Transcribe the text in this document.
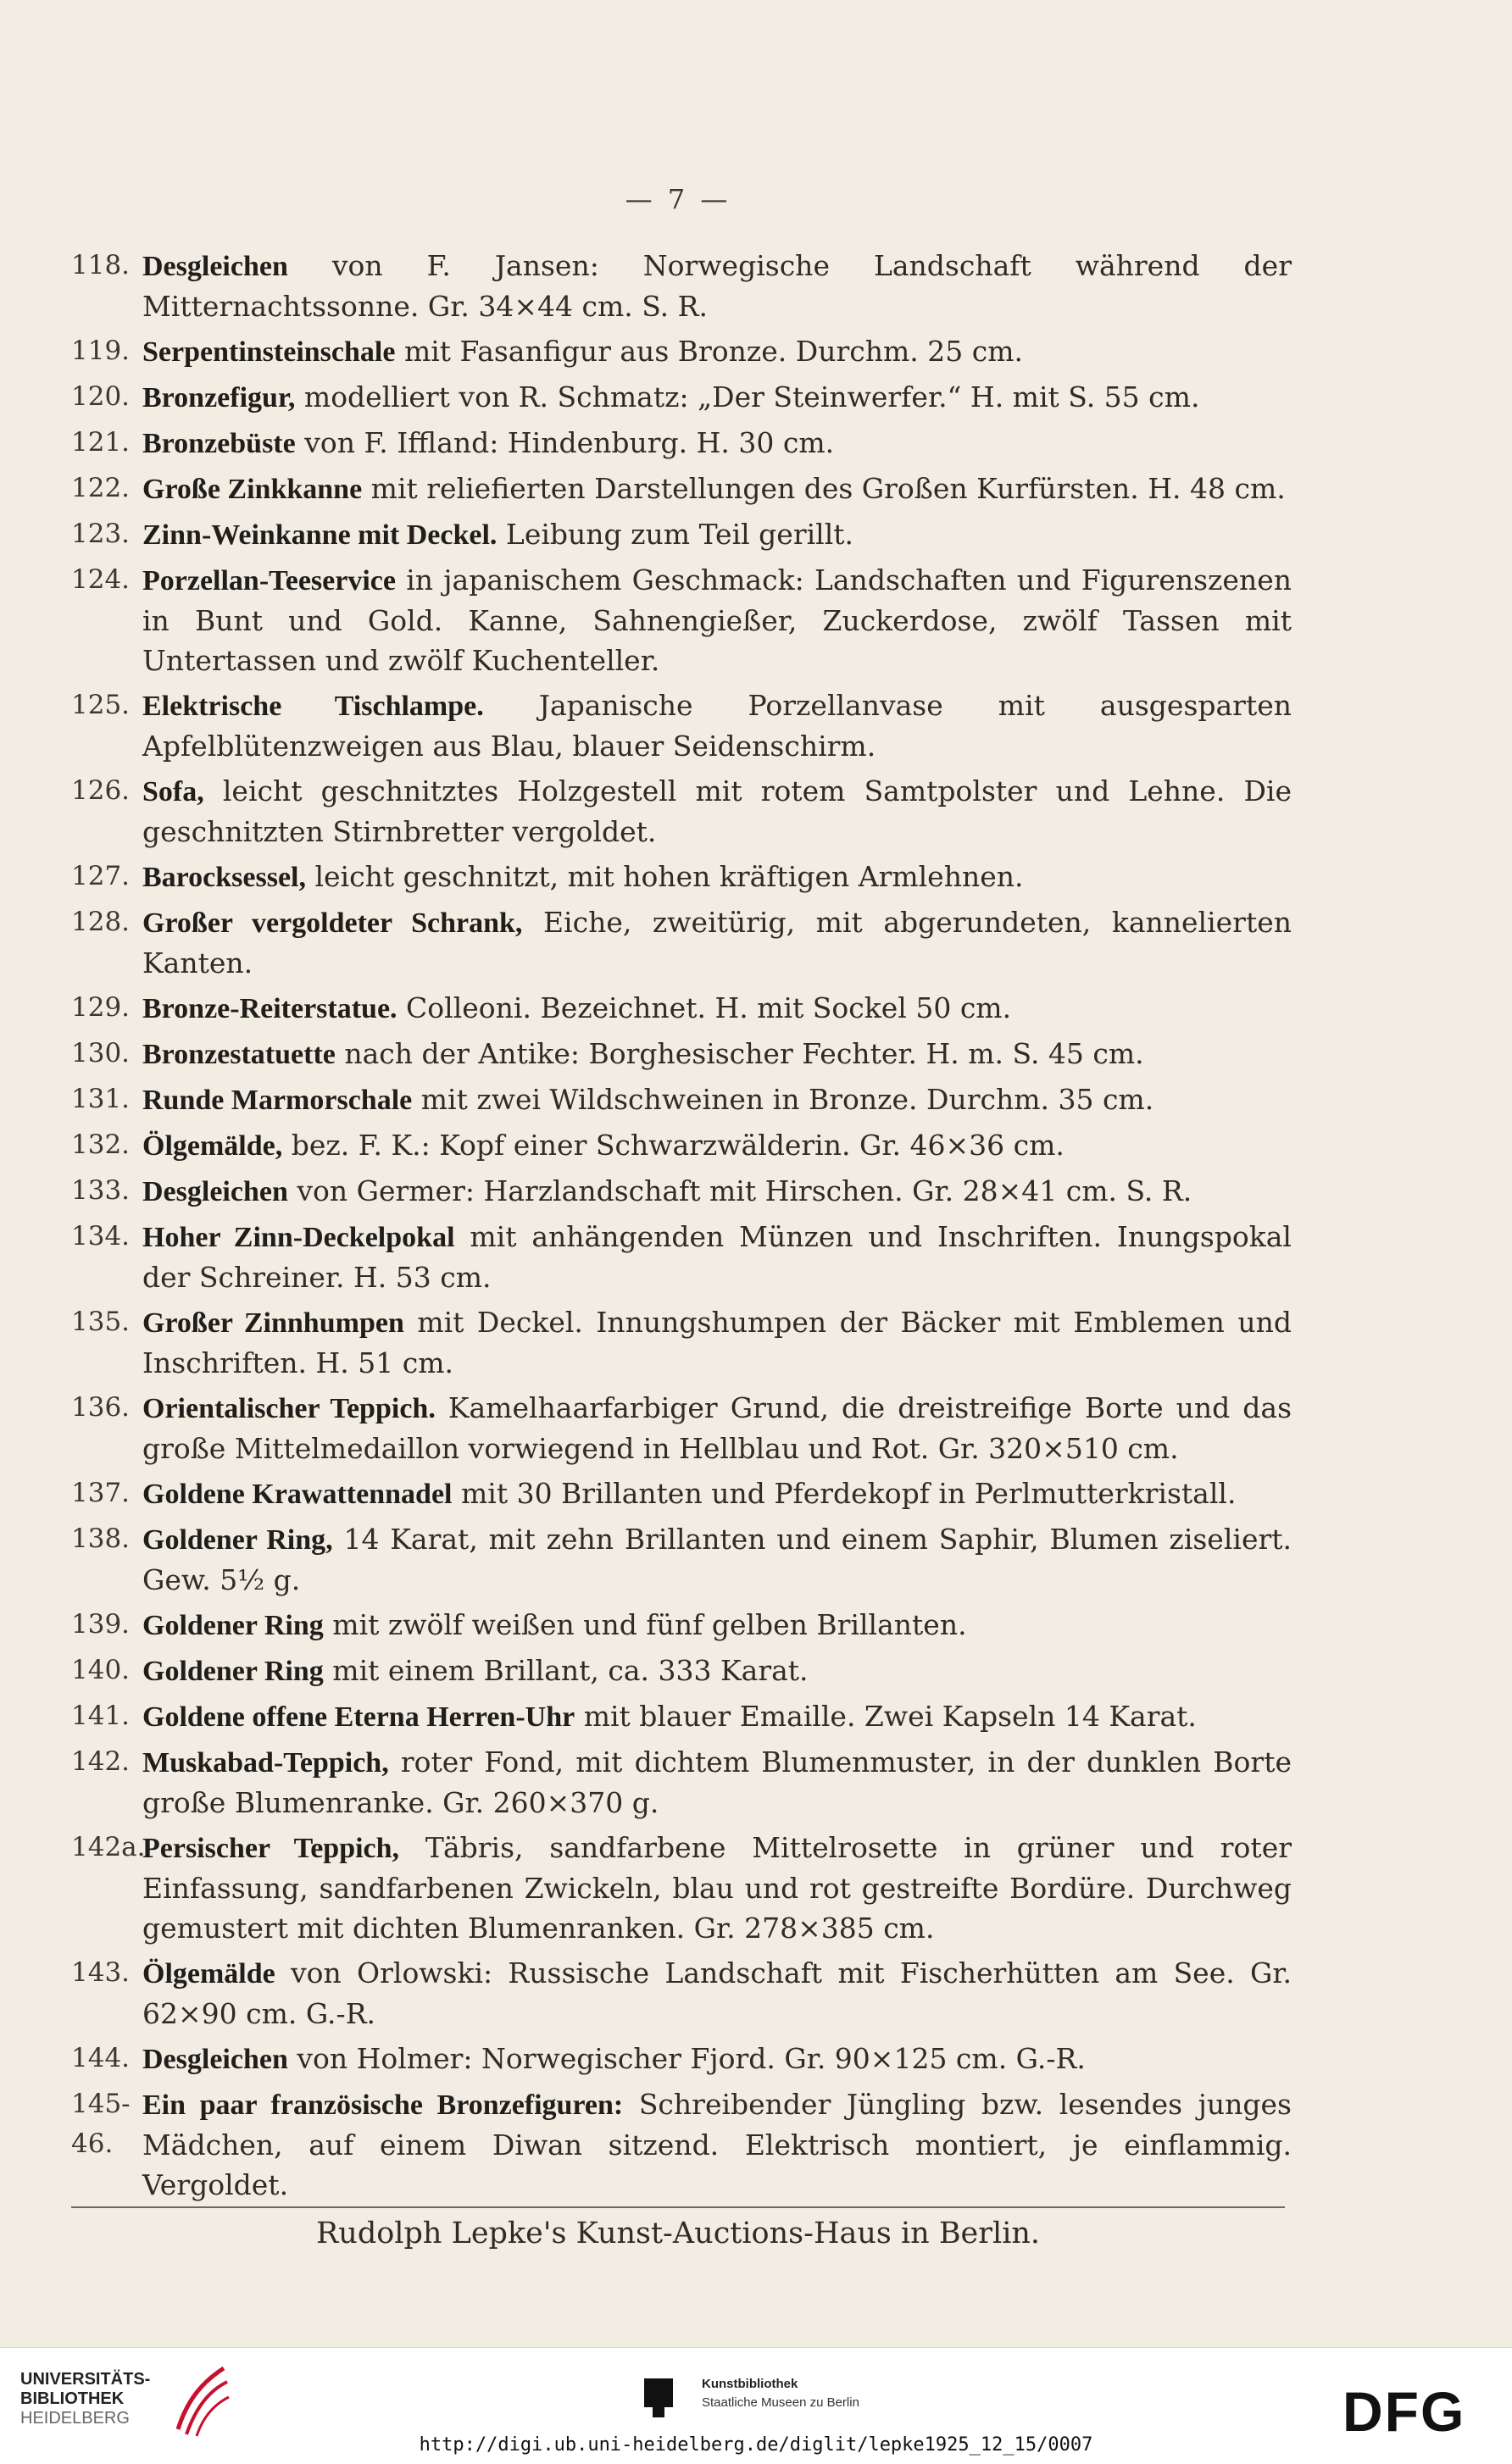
— 7 —
118. Desgleichen von F. Jansen: Norwegische Landschaft während der Mitternachtssonne. Gr. 34×44 cm. S. R.
119. Serpentinsteinschale mit Fasanfigur aus Bronze. Durchm. 25 cm.
120. Bronzefigur, modelliert von R. Schmatz: „Der Steinwerfer.“ H. mit S. 55 cm.
121. Bronzebüste von F. Iffland: Hindenburg. H. 30 cm.
122. Große Zinkkanne mit reliefierten Darstellungen des Großen Kurfürsten. H. 48 cm.
123. Zinn-Weinkanne mit Deckel. Leibung zum Teil gerillt.
124. Porzellan-Teeservice in japanischem Geschmack: Landschaften und Figurenszenen in Bunt und Gold. Kanne, Sahnengießer, Zuckerdose, zwölf Tassen mit Untertassen und zwölf Kuchenteller.
125. Elektrische Tischlampe. Japanische Porzellanvase mit ausgesparten Apfelblütenzweigen aus Blau, blauer Seidenschirm.
126. Sofa, leicht geschnitztes Holzgestell mit rotem Samtpolster und Lehne. Die geschnitzten Stirnbretter vergoldet.
127. Barocksessel, leicht geschnitzt, mit hohen kräftigen Armlehnen.
128. Großer vergoldeter Schrank, Eiche, zweitürig, mit abgerundeten, kannelierten Kanten.
129. Bronze-Reiterstatue. Colleoni. Bezeichnet. H. mit Sockel 50 cm.
130. Bronzestatuette nach der Antike: Borghesischer Fechter. H. m. S. 45 cm.
131. Runde Marmorschale mit zwei Wildschweinen in Bronze. Durchm. 35 cm.
132. Ölgemälde, bez. F. K.: Kopf einer Schwarzwälderin. Gr. 46×36 cm.
133. Desgleichen von Germer: Harzlandschaft mit Hirschen. Gr. 28×41 cm. S. R.
134. Hoher Zinn-Deckelpokal mit anhängenden Münzen und Inschriften. Inungspokal der Schreiner. H. 53 cm.
135. Großer Zinnhumpen mit Deckel. Innungshumpen der Bäcker mit Emblemen und Inschriften. H. 51 cm.
136. Orientalischer Teppich. Kamelhaarfarbiger Grund, die dreistreifige Borte und das große Mittelmedaillon vorwiegend in Hellblau und Rot. Gr. 320×510 cm.
137. Goldene Krawattennadel mit 30 Brillanten und Pferdekopf in Perlmutterkristall.
138. Goldener Ring, 14 Karat, mit zehn Brillanten und einem Saphir, Blumen ziseliert. Gew. 5½ g.
139. Goldener Ring mit zwölf weißen und fünf gelben Brillanten.
140. Goldener Ring mit einem Brillant, ca. 333 Karat.
141. Goldene offene Eterna Herren-Uhr mit blauer Emaille. Zwei Kapseln 14 Karat.
142. Muskabad-Teppich, roter Fond, mit dichtem Blumenmuster, in der dunklen Borte große Blumenranke. Gr. 260×370 g.
142a.
Persischer Teppich, Täbris, sandfarbene Mittelrosette in grüner und roter Einfassung, sandfarbenen Zwickeln, blau und rot gestreifte Bordüre. Durchweg gemustert mit dichten Blumenranken. Gr. 278×385 cm.
143. Ölgemälde von Orlowski: Russische Landschaft mit Fischerhütten am See. Gr. 62×90 cm. G.-R.
144. Desgleichen von Holmer: Norwegischer Fjord. Gr. 90×125 cm. G.-R.
145-46.
Ein paar französische Bronzefiguren: Schreibender Jüngling bzw. lesendes junges Mädchen, auf einem Diwan sitzend. Elektrisch montiert, je einflammig. Vergoldet.
Rudolph Lepke's Kunst-Auctions-Haus in Berlin.
UNIVERSITÄTS-
BIBLIOTHEK
HEIDELBERG
Kunstbibliothek
Staatliche Museen zu Berlin	DFG
http://digi.ub.uni-heidelberg.de/diglit/lepke1925_12_15/0007
